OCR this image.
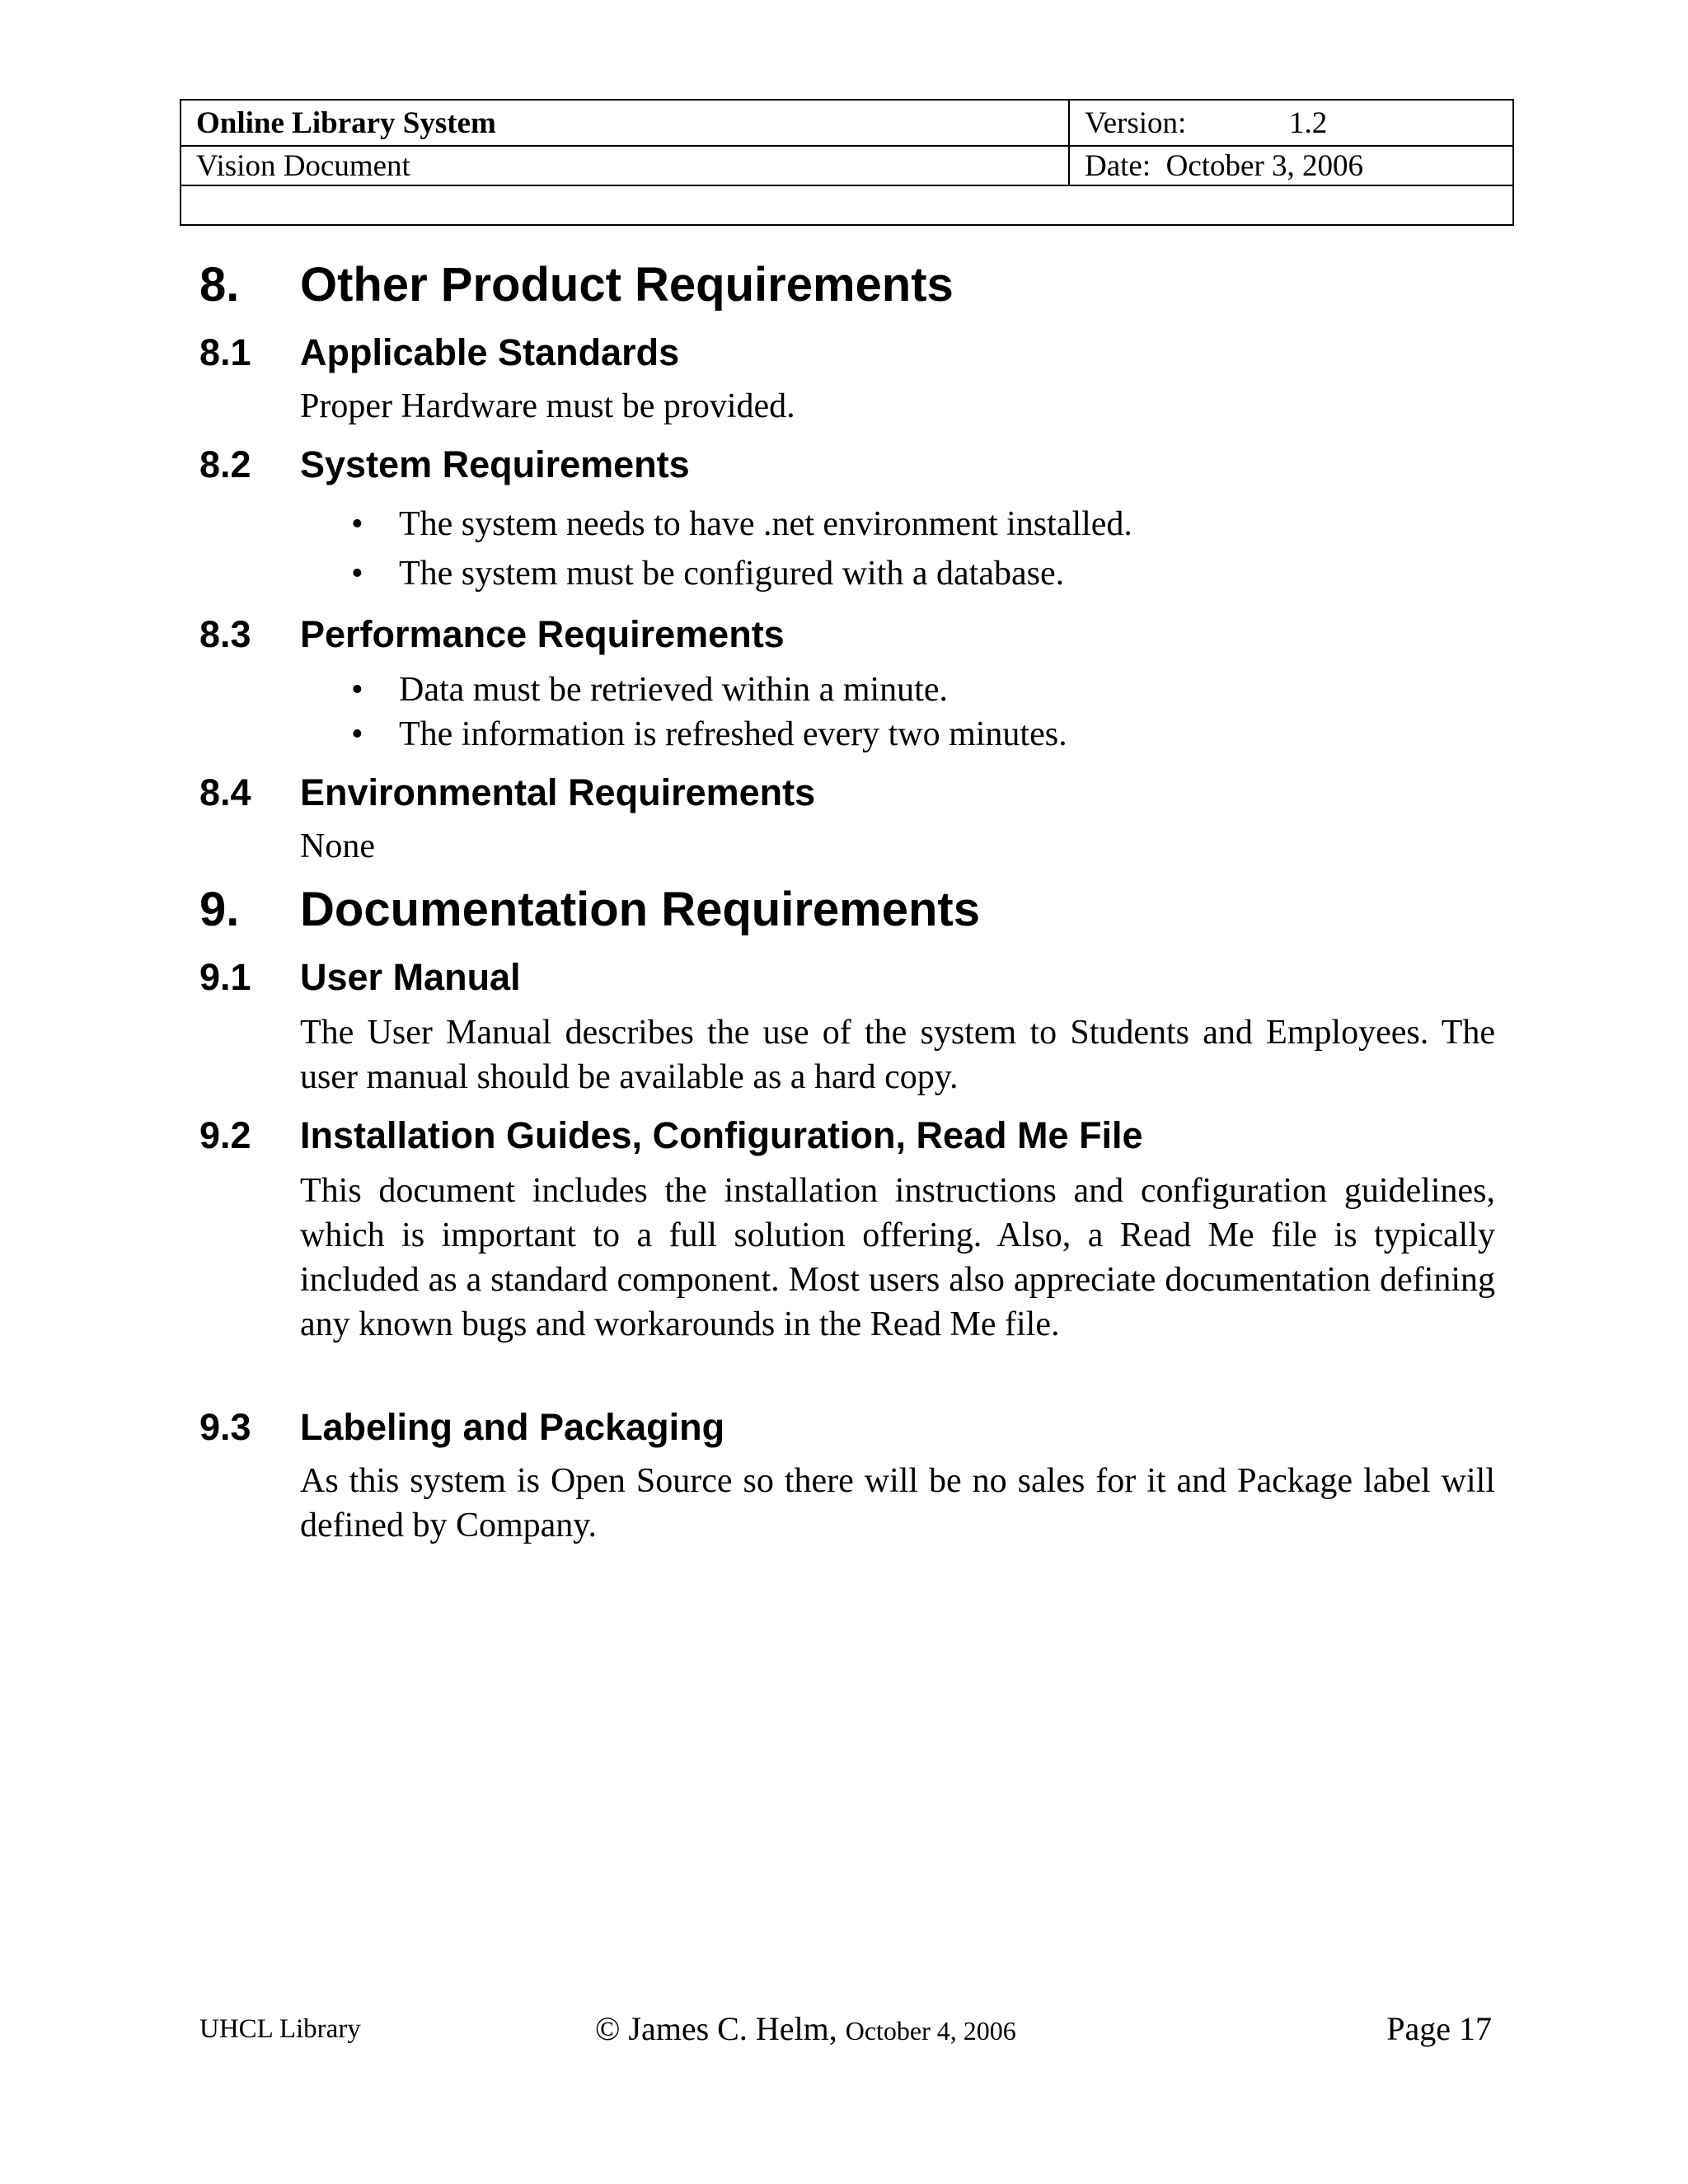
Online Library System	Version: 1.2
Vision Document	Date: October 3, 2006

8. Other Product Requirements
8.1 Applicable Standards
Proper Hardware must be provided.
8.2 System Requirements
• The system needs to have .net environment installed.
• The system must be configured with a database.
8.3 Performance Requirements
• Data must be retrieved within a minute.
• The information is refreshed every two minutes.
8.4 Environmental Requirements
None
9. Documentation Requirements
9.1 User Manual
The User Manual describes the use of the system to Students and Employees. The user manual should be available as a hard copy.
9.2 Installation Guides, Configuration, Read Me File
This document includes the installation instructions and configuration guidelines, which is important to a full solution offering. Also, a Read Me file is typically included as a standard component. Most users also appreciate documentation defining any known bugs and workarounds in the Read Me file.
9.3 Labeling and Packaging
As this system is Open Source so there will be no sales for it and Package label will defined by Company.
UHCL Library	© James C. Helm, October 4, 2006	Page 17
